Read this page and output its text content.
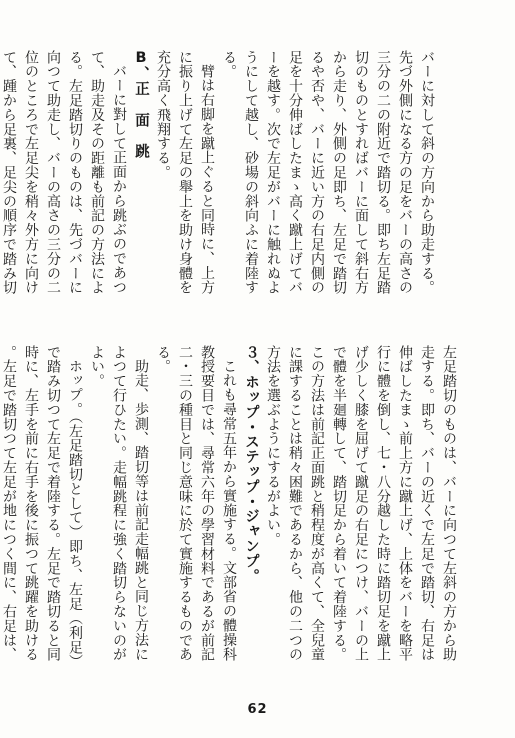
バーに対して斜の方向から助走する。先づ外側になる方の足をバーの高さの三分の二の附近で踏切る。即ち左足踏切のものとすればバーに面して斜右方から走り、外側の足即ち、左足で踏切るや否や、バーに近い方の右足内側の足を十分伸ばしたまゝ高く蹴上げてバーを越す。次で左足がバーに触れぬようにして越し、砂場の斜向ふに着陸する。

臂は右脚を蹴上ぐると同時に、上方に振り上げて左足の舉上を助け身體を充分高く飛翔する。

B、正 面 跳

バーに對して正面から跳ぶのであつて、助走及その距離も前記の方法による。左足踏切りのものは、先づバーに向つて助走し、バーの高さの三分の二位のところで左足尖を稍々外方に向けて、踵から足裏、足尖の順序で踏み切

左足踏切のものは、バーに向つて左斜の方から助走する。即ち、バーの近くで左足で踏切、右足は伸ばしたまゝ前上方に蹴上げ、上体をバーを略平行に體を倒し、七・八分越した時に踏切足を蹴上げ少しく膝を屈げて蹴足の右足につけ、バーの上で體を半廻轉して、踏切足から着いて着陸する。この方法は前記正面跳と稍程度が高くて、全兒童に課することは稍々困難であるから、他の二つの方法を選ぶようにするがよい。

３、ホップ・ステップ・ジャンプ。

これも尋常五年から實施する。文部省の體操科教授要目では、尋常六年の學習材料であるが前記二・三の種目と同じ意味に於て實施するものである。

助走、歩測、踏切等は前記走幅跳と同じ方法によつて行ひたい。走幅跳程に強く踏切らないのがよい。

ホップ。（左足踏切として）即ち、左足（利足）で踏み切つて左足で着陸する。左足で踏切ると同時に、左手を前に右手を後に振つて跳躍を助ける。左足で踏切つて左足が地につく間に、右足は、

62
